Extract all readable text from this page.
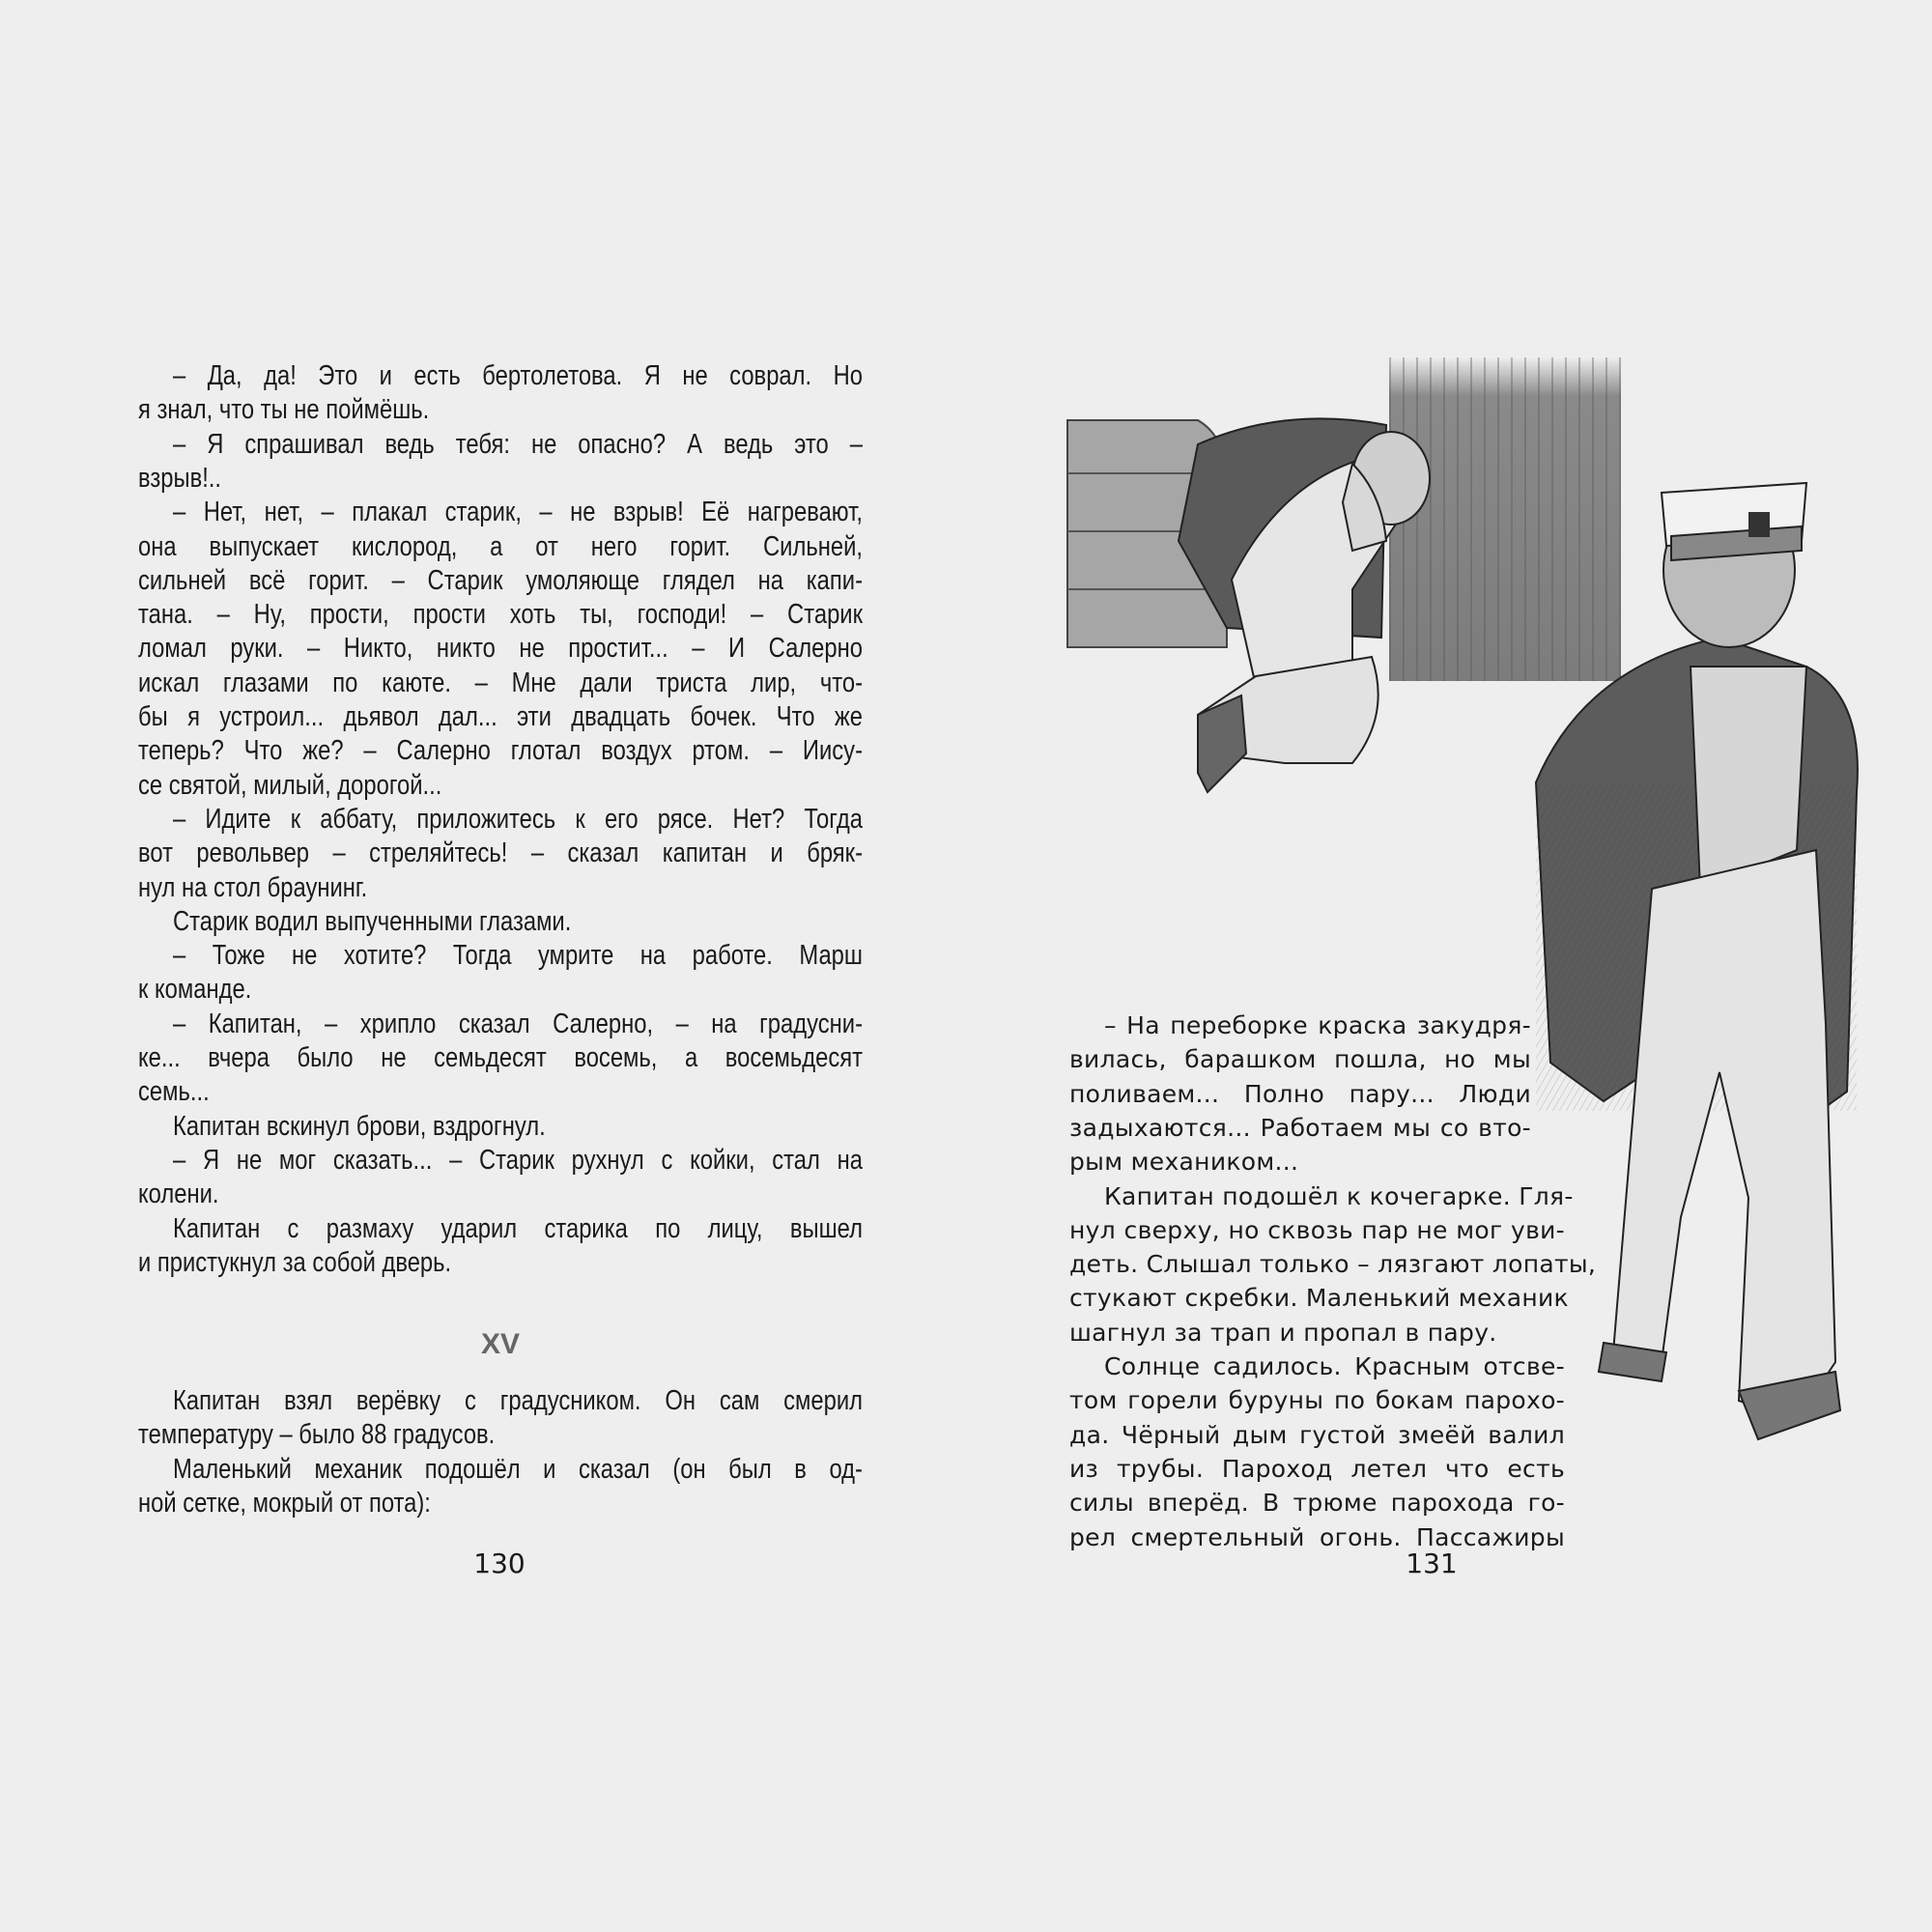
– Да, да! Это и есть бертолетова. Я не соврал. Но
я знал, что ты не поймёшь.
– Я спрашивал ведь тебя: не опасно? А ведь это –
взрыв!..
– Нет, нет, – плакал старик, – не взрыв! Её нагревают,
она выпускает кислород, а от него горит. Сильней,
сильней всё горит. – Старик умоляюще глядел на капи-
тана. – Ну, прости, прости хоть ты, господи! – Старик
ломал руки. – Никто, никто не простит... – И Салерно
искал глазами по каюте. – Мне дали триста лир, что-
бы я устроил... дьявол дал... эти двадцать бочек. Что же
теперь? Что же? – Салерно глотал воздух ртом. – Иису-
се святой, милый, дорогой...
– Идите к аббату, приложитесь к его рясе. Нет? Тогда
вот револьвер – стреляйтесь! – сказал капитан и бряк-
нул на стол браунинг.
Старик водил выпученными глазами.
– Тоже не хотите? Тогда умрите на работе. Марш
к команде.
– Капитан, – хрипло сказал Салерно, – на градусни-
ке... вчера было не семьдесят восемь, а восемьдесят
семь...
Капитан вскинул брови, вздрогнул.
– Я не мог сказать... – Старик рухнул с койки, стал на
колени.
Капитан с размаху ударил старика по лицу, вышел
и пристукнул за собой дверь.
XV
Капитан взял верёвку с градусником. Он сам смерил
температуру – было 88 градусов.
Маленький механик подошёл и сказал (он был в од-
ной сетке, мокрый от пота):
130
– На переборке краска закудря-
вилась, барашком пошла, но мы
поливаем... Полно пару... Люди
задыхаются... Работаем мы со вто-
рым механиком...
Капитан подошёл к кочегарке. Гля-
нул сверху, но сквозь пар не мог уви-
деть. Слышал только – лязгают лопаты,
стукают скребки. Маленький механик
шагнул за трап и пропал в пару.
Солнце садилось. Красным отсве-
том горели буруны по бокам парохо-
да. Чёрный дым густой змеёй валил
из трубы. Пароход летел что есть
силы вперёд. В трюме парохода го-
рел смертельный огонь. Пассажиры
131
